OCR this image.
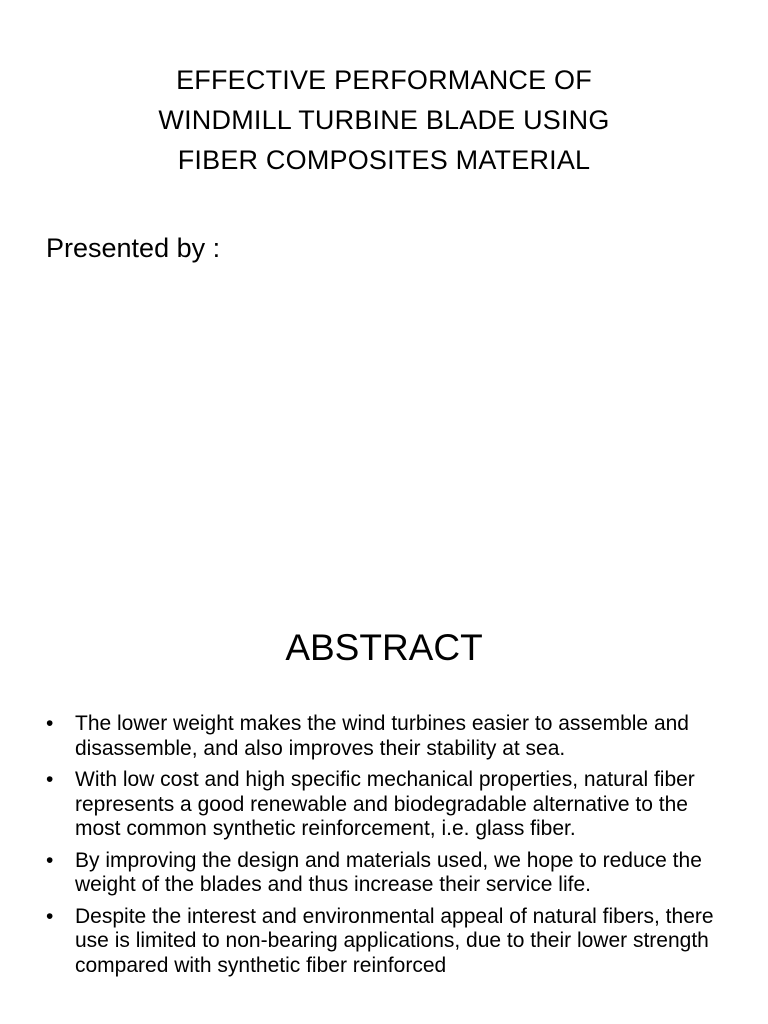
EFFECTIVE PERFORMANCE OF
WINDMILL TURBINE BLADE USING
FIBER COMPOSITES MATERIAL
Presented by :
ABSTRACT
• The lower weight makes the wind turbines easier to assemble and disassemble, and also improves their stability at sea.
• With low cost and high specific mechanical properties, natural fiber represents a good renewable and biodegradable alternative to the most common synthetic reinforcement, i.e. glass fiber.
• By improving the design and materials used, we hope to reduce the weight of the blades and thus increase their service life.
• Despite the interest and environmental appeal of natural fibers, there use is limited to non-bearing applications, due to their lower strength compared with synthetic fiber reinforced
